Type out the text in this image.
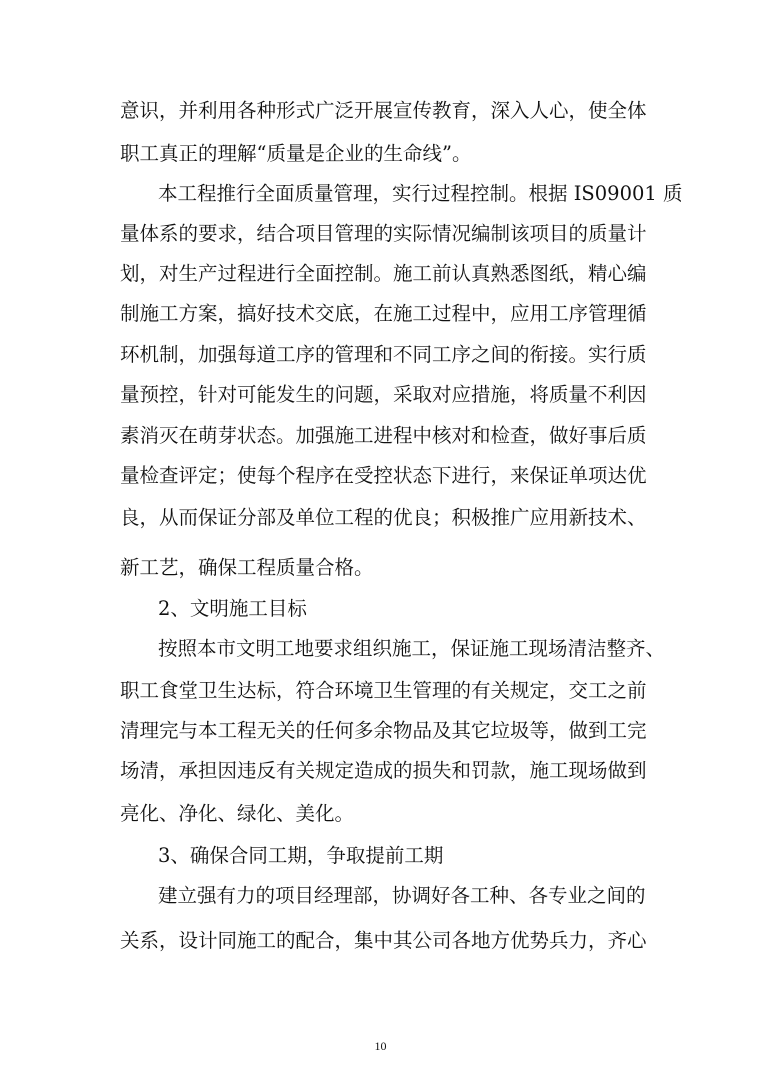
意识，并利用各种形式广泛开展宣传教育，深入人心，使全体
职工真正的理解“质量是企业的生命线”。
本工程推行全面质量管理，实行过程控制。根据 IS09001 质
量体系的要求，结合项目管理的实际情况编制该项目的质量计
划，对生产过程进行全面控制。施工前认真熟悉图纸，精心编
制施工方案，搞好技术交底，在施工过程中，应用工序管理循
环机制，加强每道工序的管理和不同工序之间的衔接。实行质
量预控，针对可能发生的问题，采取对应措施，将质量不利因
素消灭在萌芽状态。加强施工进程中核对和检查，做好事后质
量检查评定；使每个程序在受控状态下进行，来保证单项达优
良，从而保证分部及单位工程的优良；积极推广应用新技术、
新工艺，确保工程质量合格。
2、文明施工目标
按照本市文明工地要求组织施工，保证施工现场清洁整齐、
职工食堂卫生达标，符合环境卫生管理的有关规定，交工之前
清理完与本工程无关的任何多余物品及其它垃圾等，做到工完
场清，承担因违反有关规定造成的损失和罚款，施工现场做到
亮化、净化、绿化、美化。
3、确保合同工期，争取提前工期
建立强有力的项目经理部，协调好各工种、各专业之间的
关系，设计同施工的配合，集中其公司各地方优势兵力，齐心
10
